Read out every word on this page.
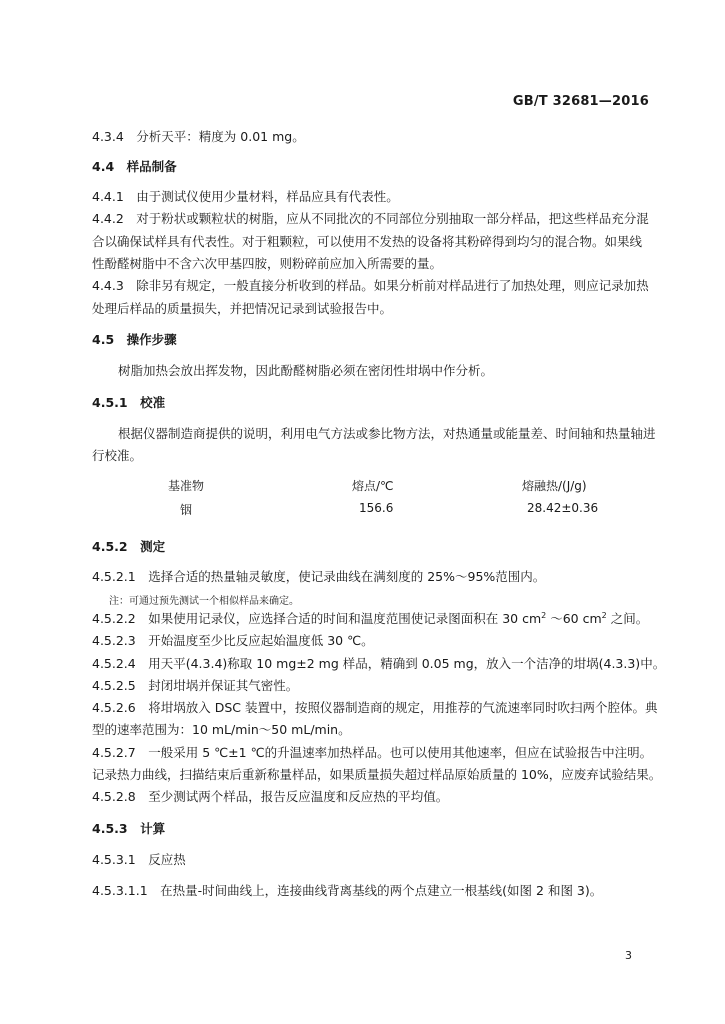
GB/T 32681—2016
4.3.4　分析天平：精度为 0.01 mg。
4.4　样品制备
4.4.1　由于测试仪使用少量材料，样品应具有代表性。
4.4.2　对于粉状或颗粒状的树脂，应从不同批次的不同部位分别抽取一部分样品，把这些样品充分混
合以确保试样具有代表性。对于粗颗粒，可以使用不发热的设备将其粉碎得到均匀的混合物。如果线
性酚醛树脂中不含六次甲基四胺，则粉碎前应加入所需要的量。
4.4.3　除非另有规定，一般直接分析收到的样品。如果分析前对样品进行了加热处理，则应记录加热
处理后样品的质量损失，并把情况记录到试验报告中。
4.5　操作步骤
树脂加热会放出挥发物，因此酚醛树脂必须在密闭性坩埚中作分析。
4.5.1　校准
根据仪器制造商提供的说明，利用电气方法或参比物方法，对热通量或能量差、时间轴和热量轴进
行校准。
基准物	熔点/℃	熔融热/(J/g)
铟	156.6	28.42±0.36
4.5.2　测定
4.5.2.1　选择合适的热量轴灵敏度，使记录曲线在满刻度的 25%～95%范围内。
注：可通过预先测试一个相似样品来确定。
4.5.2.2　如果使用记录仪，应选择合适的时间和温度范围使记录图面积在 30 $cm^2$ ～60 $cm^2$ 之间。
4.5.2.3　开始温度至少比反应起始温度低 30 ℃。
4.5.2.4　用天平(4.3.4)称取 10 mg±2 mg 样品，精确到 0.05 mg，放入一个洁净的坩埚(4.3.3)中。
4.5.2.5　封闭坩埚并保证其气密性。
4.5.2.6　将坩埚放入 DSC 装置中，按照仪器制造商的规定，用推荐的气流速率同时吹扫两个腔体。典
型的速率范围为：10 mL/min～50 mL/min。
4.5.2.7　一般采用 5 ℃±1 ℃的升温速率加热样品。也可以使用其他速率，但应在试验报告中注明。
记录热力曲线，扫描结束后重新称量样品，如果质量损失超过样品原始质量的 10%，应废弃试验结果。
4.5.2.8　至少测试两个样品，报告反应温度和反应热的平均值。
4.5.3　计算
4.5.3.1　反应热
4.5.3.1.1　在热量-时间曲线上，连接曲线背离基线的两个点建立一根基线(如图 2 和图 3)。
3
